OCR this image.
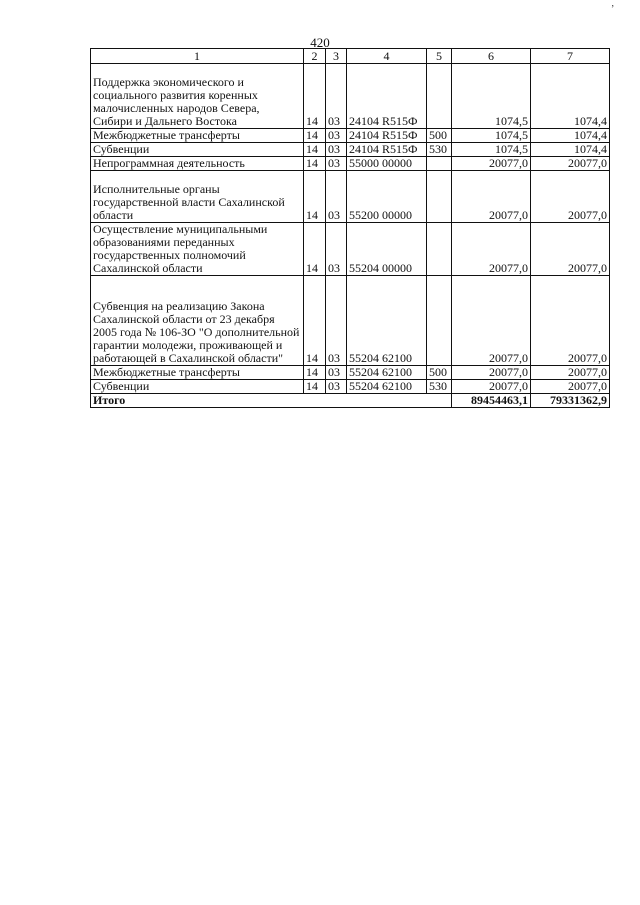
ʼ
420
1	2	3	4	5	6	7
Поддержка экономического и социального развития коренных малочисленных народов Севера, Сибири и Дальнего Востока	14	03	24104 R515Ф		1074,5	1074,4
Межбюджетные трансферты	14	03	24104 R515Ф	500	1074,5	1074,4
Субвенции	14	03	24104 R515Ф	530	1074,5	1074,4
Непрограммная деятельность	14	03	55000 00000		20077,0	20077,0
Исполнительные органы государственной власти Сахалинской области	14	03	55200 00000		20077,0	20077,0
Осуществление муниципальными образованиями переданных государственных полномочий Сахалинской области	14	03	55204 00000		20077,0	20077,0
Субвенция на реализацию Закона Сахалинской области от 23 декабря 2005 года № 106-ЗО "О дополнительной гарантии молодежи, проживающей и работающей в Сахалинской области"	14	03	55204 62100		20077,0	20077,0
Межбюджетные трансферты	14	03	55204 62100	500	20077,0	20077,0
Субвенции	14	03	55204 62100	530	20077,0	20077,0
Итого					89454463,1	79331362,9
